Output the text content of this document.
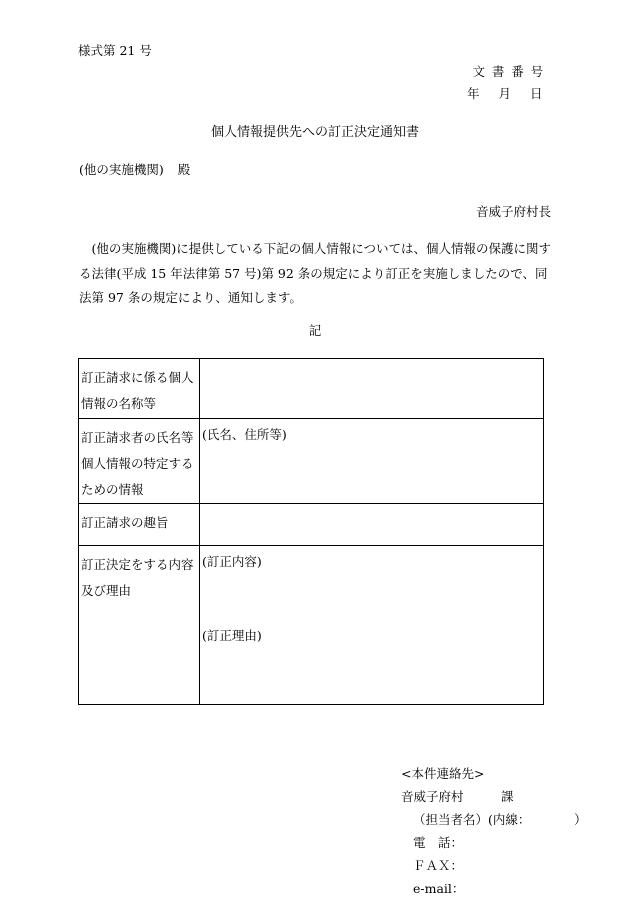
様式第 21 号
文書番号
年 月 日
個人情報提供先への訂正決定通知書
(他の実施機関) 殿
音威子府村長
(他の実施機関)に提供している下記の個人情報については、個人情報の保護に関する法律(平成 15 年法律第 57 号)第 92 条の規定により訂正を実施しましたので、同法第 97 条の規定により、通知します。
記
訂正請求に係る個人情報の名称等	
訂正請求者の氏名等個人情報の特定するための情報	(氏名、住所等)
訂正請求の趣旨	
訂正決定をする内容及び理由	(訂正内容)
(訂正理由)
<本件連絡先>
音威子府村　　　課
（担当者名）(内線：　　　　）
電　話：
ＦＡＸ：
e-mail：
